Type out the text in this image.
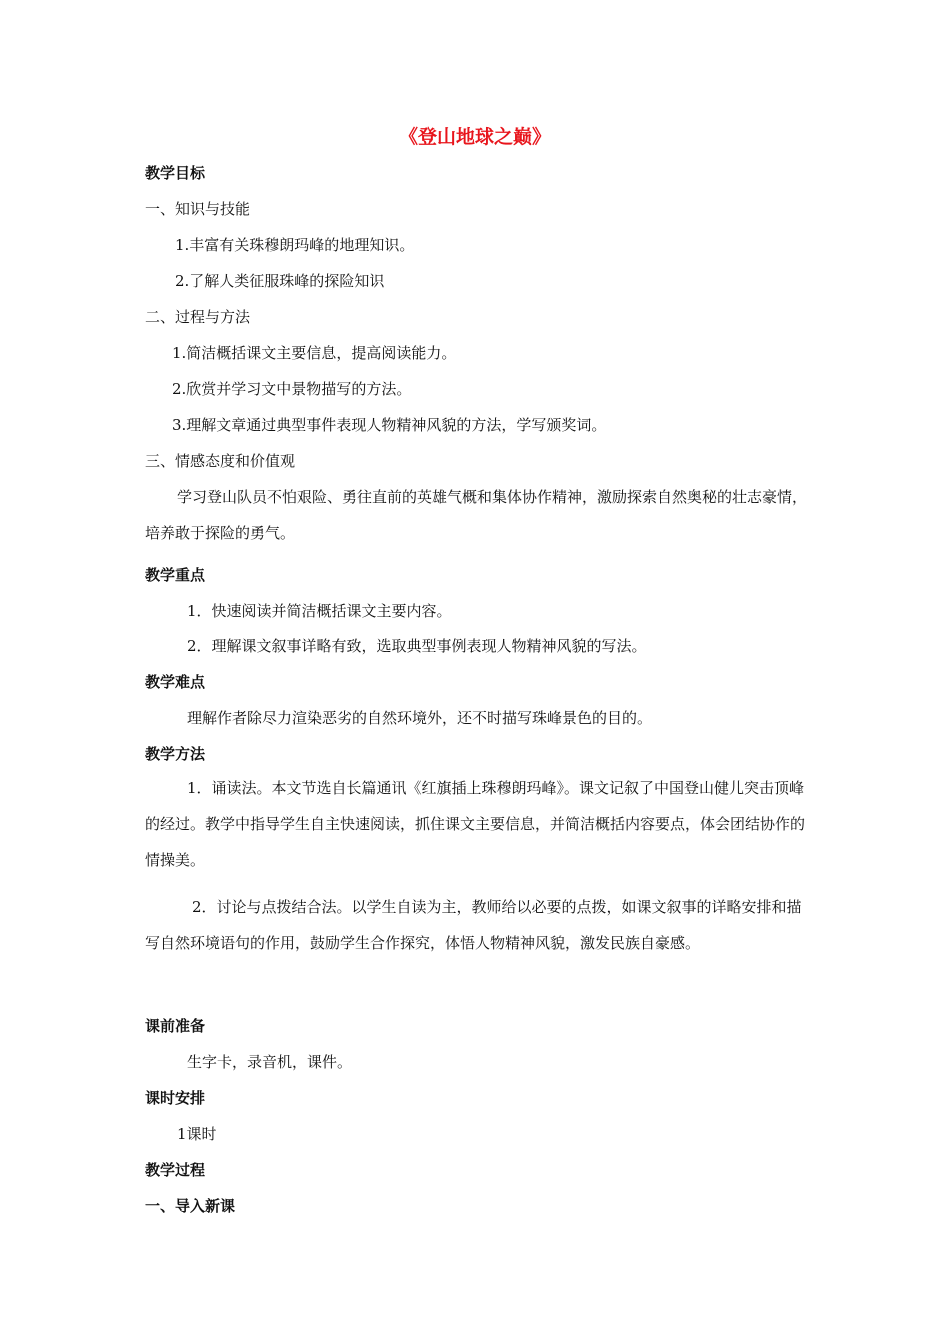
《登山地球之巅》
教学目标
一、知识与技能
1.丰富有关珠穆朗玛峰的地理知识。
2.了解人类征服珠峰的探险知识
二、过程与方法
1.简洁概括课文主要信息，提高阅读能力。
2.欣赏并学习文中景物描写的方法。
3.理解文章通过典型事件表现人物精神风貌的方法，学写颁奖词。
三、情感态度和价值观
学习登山队员不怕艰险、勇往直前的英雄气概和集体协作精神，激励探索自然奥秘的壮志豪情，培养敢于探险的勇气。
教学重点
1．快速阅读并简洁概括课文主要内容。
2．理解课文叙事详略有致，选取典型事例表现人物精神风貌的写法。
教学难点
理解作者除尽力渲染恶劣的自然环境外，还不时描写珠峰景色的目的。
教学方法
1．诵读法。本文节选自长篇通讯《红旗插上珠穆朗玛峰》。课文记叙了中国登山健儿突击顶峰的经过。教学中指导学生自主快速阅读，抓住课文主要信息，并简洁概括内容要点，体会团结协作的情操美。
2．讨论与点拨结合法。以学生自读为主，教师给以必要的点拨，如课文叙事的详略安排和描写自然环境语句的作用，鼓励学生合作探究，体悟人物精神风貌，激发民族自豪感。
课前准备
生字卡，录音机，课件。
课时安排
1课时
教学过程
一、导入新课
